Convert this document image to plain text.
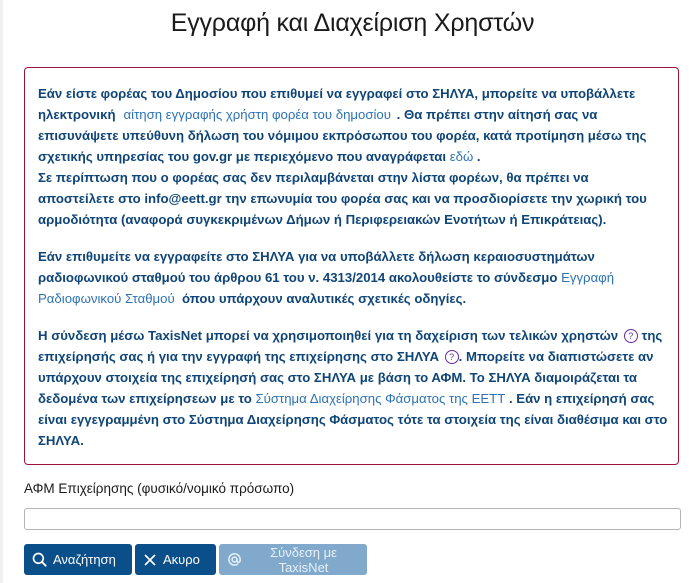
Εγγραφή και Διαχείριση Χρηστών

Εάν είστε φορέας του Δημοσίου που επιθυμεί να εγγραφεί στο ΣΗΛΥΑ, μπορείτε να υποβάλλετε ηλεκτρονική αίτηση εγγραφής χρήστη φορέα του δημοσίου . Θα πρέπει στην αίτησή σας να επισυνάψετε υπεύθυνη δήλωση του νόμιμου εκπρόσωπου του φορέα, κατά προτίμηση μέσω της σχετικής υπηρεσίας του gov.gr με περιεχόμενο που αναγράφεται εδώ .
Σε περίπτωση που ο φορέας σας δεν περιλαμβάνεται στην λίστα φορέων, θα πρέπει να αποστείλετε στο info@eett.gr την επωνυμία του φορέα σας και να προσδιορίσετε την χωρική του αρμοδιότητα (αναφορά συγκεκριμένων Δήμων ή Περιφερειακών Ενοτήτων ή Επικράτειας).

Εάν επιθυμείτε να εγγραφείτε στο ΣΗΛΥΑ για να υποβάλλετε δήλωση κεραιοσυστημάτων ραδιοφωνικού σταθμού του άρθρου 61 του ν. 4313/2014 ακολουθείστε το σύνδεσμο Εγγραφή Ραδιοφωνικού Σταθμού όπου υπάρχουν αναλυτικές σχετικές οδηγίες.

Η σύνδεση μέσω TaxisNet μπορεί να χρησιμοποιηθεί για τη δαχείριση των τελικών χρηστών ? της επιχείρησής σας ή για την εγγραφή της επιχείρησης στο ΣΗΛΥΑ ? . Μπορείτε να διαπιστώσετε αν υπάρχουν στοιχεία της επιχείρησή σας στο ΣΗΛΥΑ με βάση το ΑΦΜ. Το ΣΗΛΥΑ διαμοιράζεται τα δεδομένα των επιχείρησεων με το Σύστημα Διαχείρησης Φάσματος της ΕΕΤΤ . Εάν η επιχείρησή σας είναι εγγεγραμμένη στο Σύστημα Διαχείρησης Φάσματος τότε τα στοιχεία της είναι διαθέσιμα και στο ΣΗΛΥΑ.

ΑΦΜ Επιχείρησης (φυσικό/νομικό πρόσωπο)
Αναζήτηση	Ακυρο	Σύνδεση με TaxisNet
